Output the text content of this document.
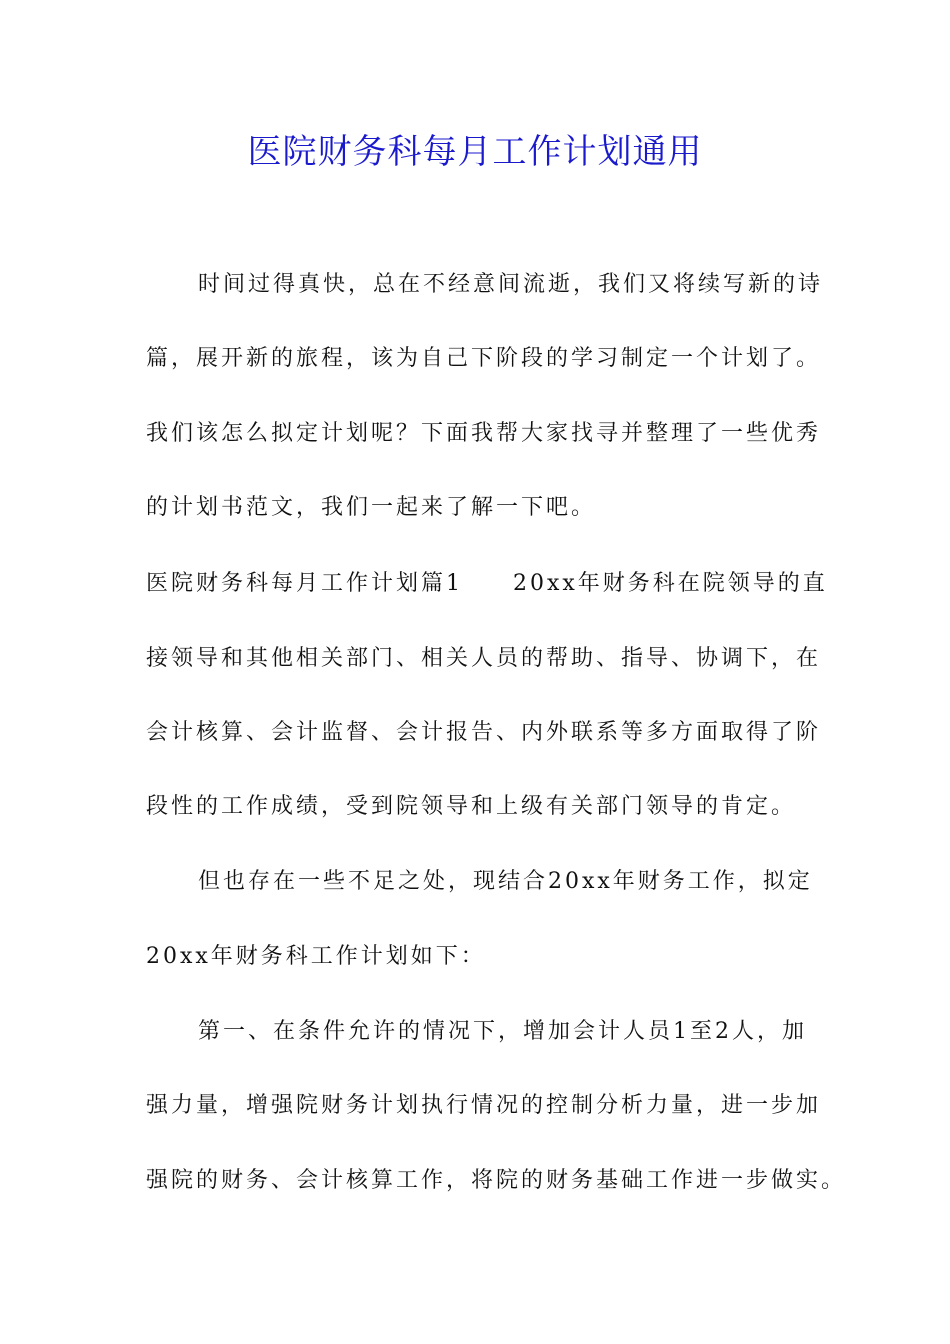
医院财务科每月工作计划通用
时间过得真快，总在不经意间流逝，我们又将续写新的诗
篇，展开新的旅程，该为自己下阶段的学习制定一个计划了。
我们该怎么拟定计划呢？下面我帮大家找寻并整理了一些优秀
的计划书范文，我们一起来了解一下吧。
医院财务科每月工作计划篇1　　20xx年财务科在院领导的直
接领导和其他相关部门、相关人员的帮助、指导、协调下，在
会计核算、会计监督、会计报告、内外联系等多方面取得了阶
段性的工作成绩，受到院领导和上级有关部门领导的肯定。
但也存在一些不足之处，现结合20xx年财务工作，拟定
20xx年财务科工作计划如下：
第一、在条件允许的情况下，增加会计人员1至2人，加
强力量，增强院财务计划执行情况的控制分析力量，进一步加
强院的财务、会计核算工作，将院的财务基础工作进一步做实。
